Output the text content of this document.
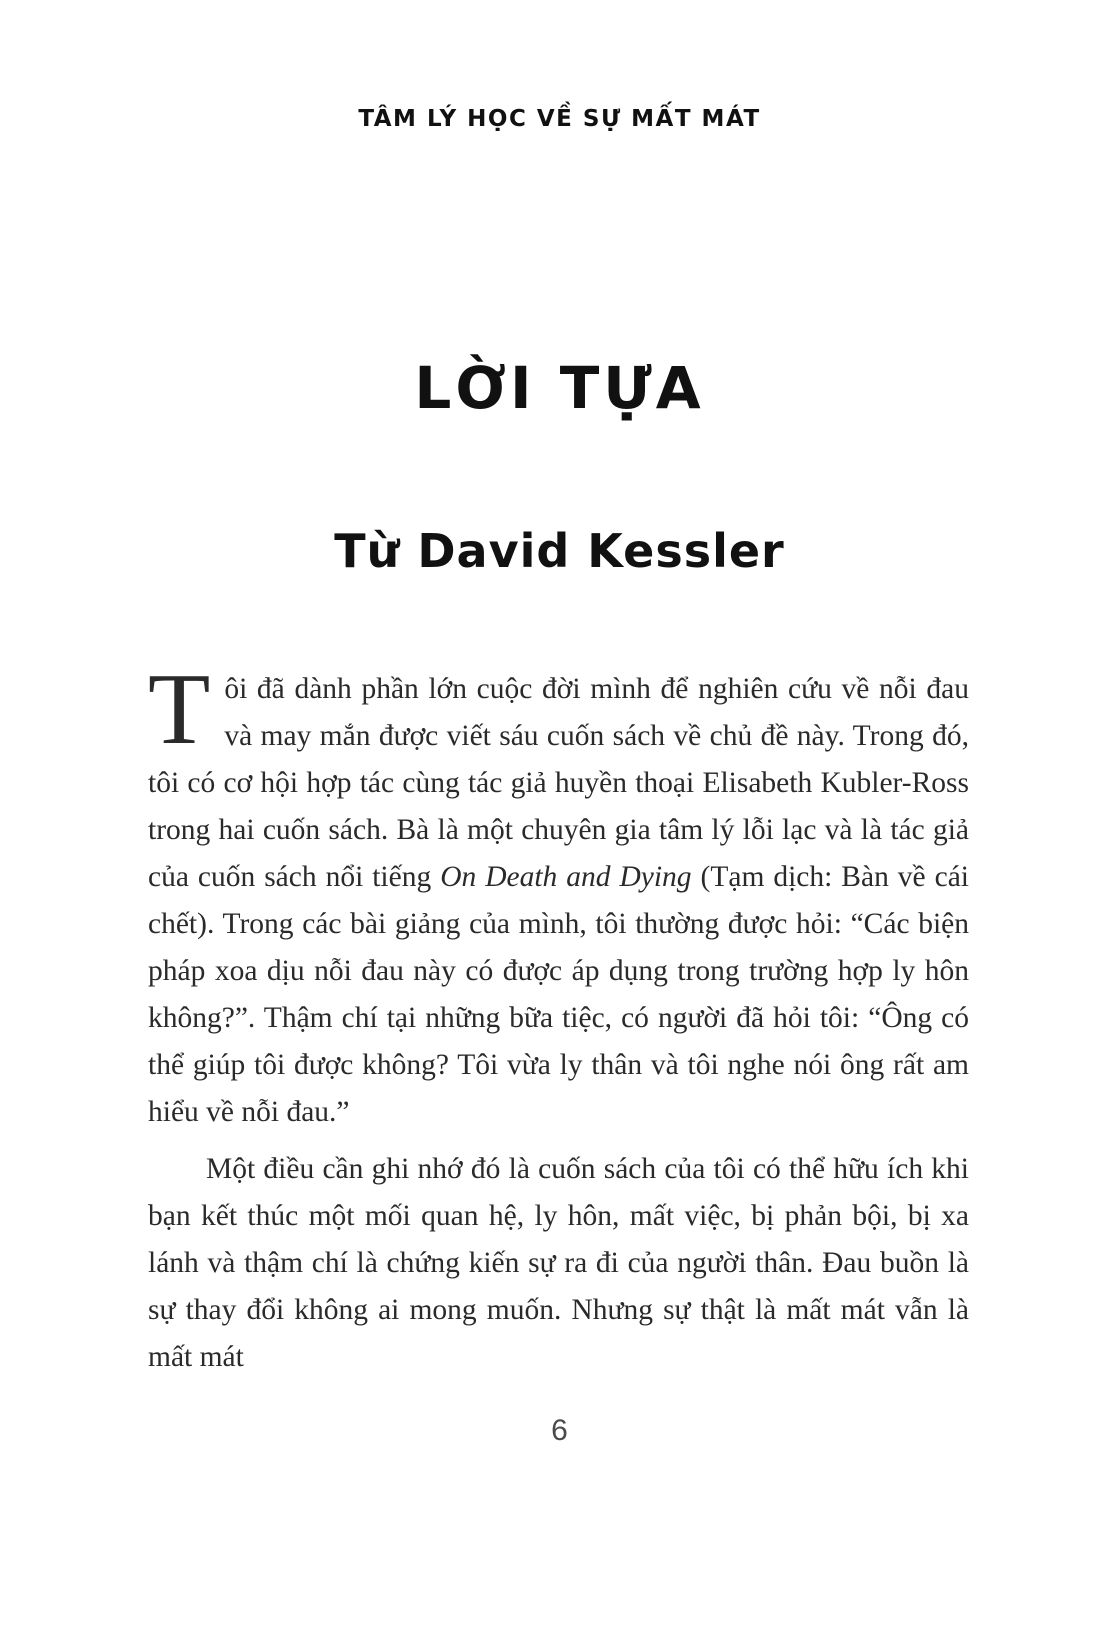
TÂM LÝ HỌC VỀ SỰ MẤT MÁT
LỜI TỰA
Từ David Kessler

Tôi đã dành phần lớn cuộc đời mình để nghiên cứu về nỗi đau và may mắn được viết sáu cuốn sách về chủ đề này. Trong đó, tôi có cơ hội hợp tác cùng tác giả huyền thoại Elisabeth Kubler-Ross trong hai cuốn sách. Bà là một chuyên gia tâm lý lỗi lạc và là tác giả của cuốn sách nổi tiếng On Death and Dying (Tạm dịch: Bàn về cái chết). Trong các bài giảng của mình, tôi thường được hỏi: “Các biện pháp xoa dịu nỗi đau này có được áp dụng trong trường hợp ly hôn không?”. Thậm chí tại những bữa tiệc, có người đã hỏi tôi: “Ông có thể giúp tôi được không? Tôi vừa ly thân và tôi nghe nói ông rất am hiểu về nỗi đau.”

Một điều cần ghi nhớ đó là cuốn sách của tôi có thể hữu ích khi bạn kết thúc một mối quan hệ, ly hôn, mất việc, bị phản bội, bị xa lánh và thậm chí là chứng kiến sự ra đi của người thân. Đau buồn là sự thay đổi không ai mong muốn. Nhưng sự thật là mất mát vẫn là mất mát

6
